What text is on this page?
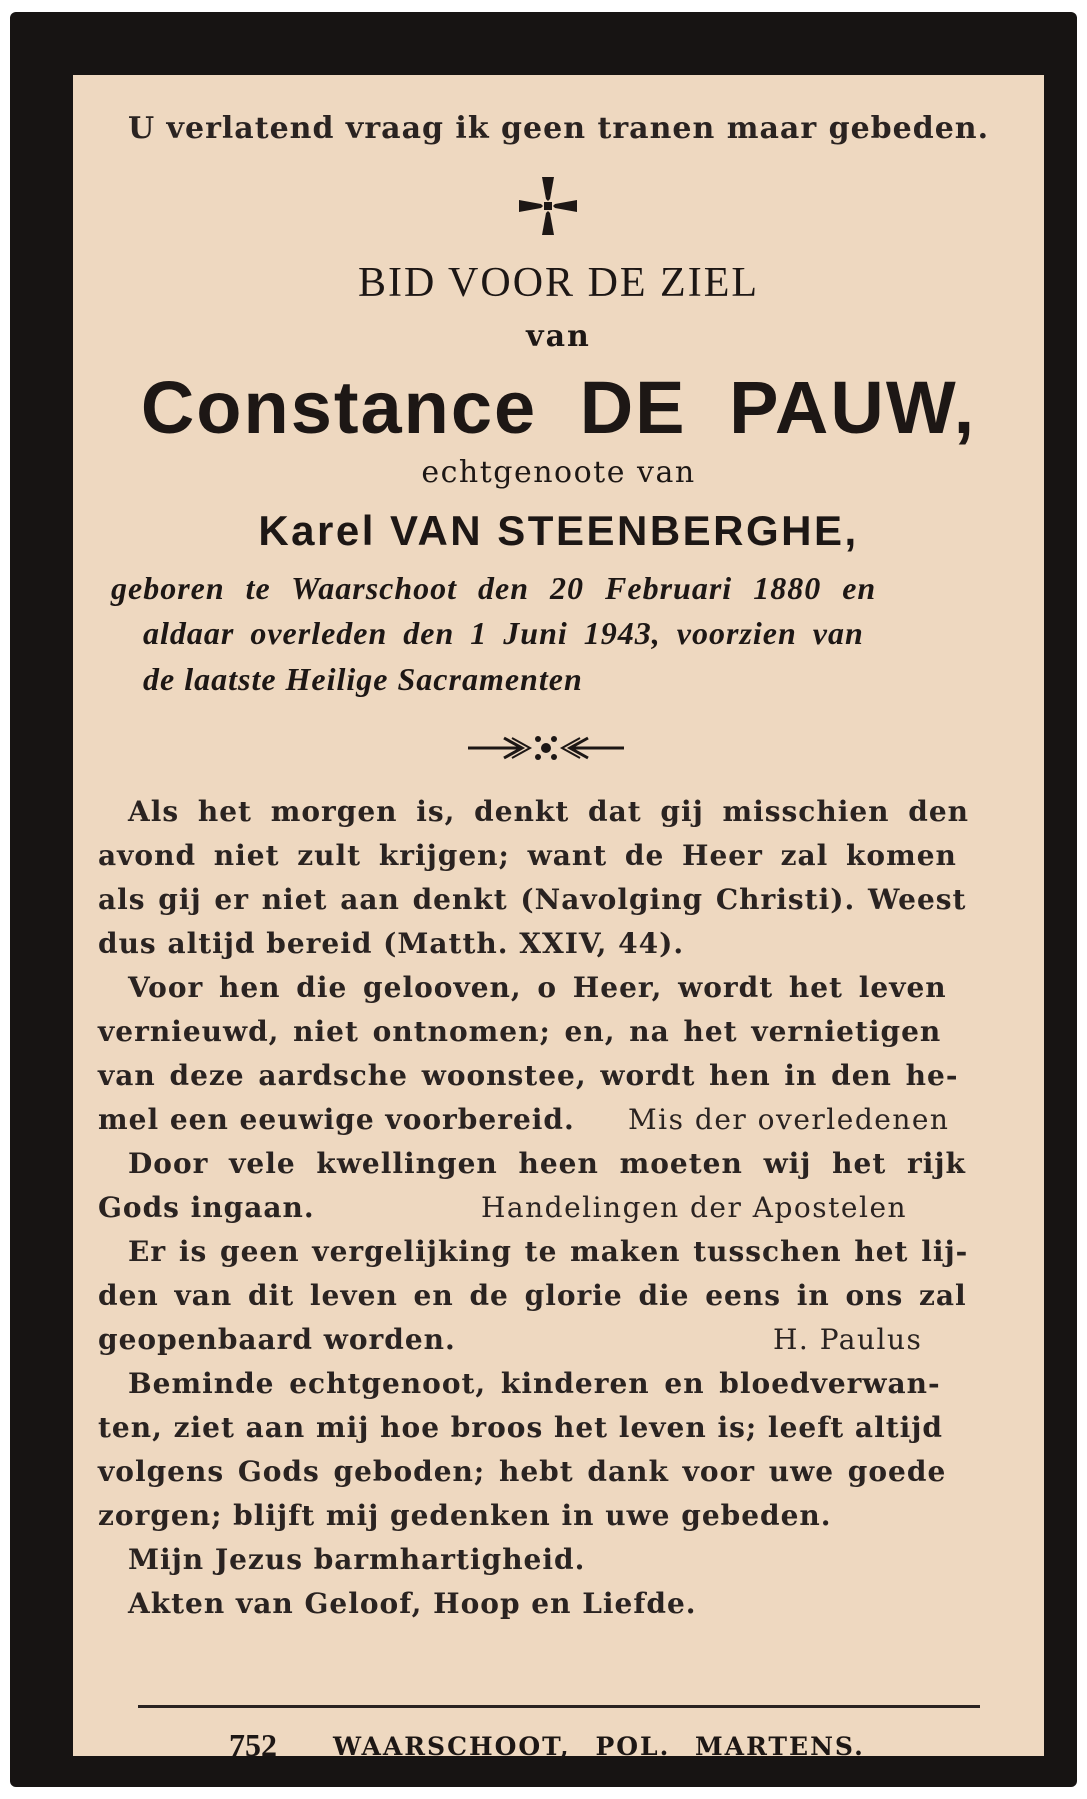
U verlatend vraag ik geen tranen maar gebeden.
BID VOOR DE ZIEL
van
Constance DE PAUW,
echtgenoote van
Karel VAN STEENBERGHE,
geboren te Waarschoot den 20 Februari 1880 en
aldaar overleden den 1 Juni 1943, voorzien van
de laatste Heilige Sacramenten
Als het morgen is, denkt dat gij misschien den
avond niet zult krijgen; want de Heer zal komen
als gij er niet aan denkt (Navolging Christi). Weest
dus altijd bereid (Matth. XXIV, 44).
Voor hen die gelooven, o Heer, wordt het leven
vernieuwd, niet ontnomen; en, na het vernietigen
van deze aardsche woonstee, wordt hen in den he-
mel een eeuwige voorbereid. Mis der overledenen
Door vele kwellingen heen moeten wij het rijk
Gods ingaan.	Handelingen der Apostelen
Er is geen vergelijking te maken tusschen het lij-
den van dit leven en de glorie die eens in ons zal
geopenbaard worden.	H. Paulus
Beminde echtgenoot, kinderen en bloedverwan-
ten, ziet aan mij hoe broos het leven is; leeft altijd
volgens Gods geboden; hebt dank voor uwe goede
zorgen; blijft mij gedenken in uwe gebeden.
Mijn Jezus barmhartigheid.
Akten van Geloof, Hoop en Liefde.
752 WAARSCHOOT, POL. MARTENS.
